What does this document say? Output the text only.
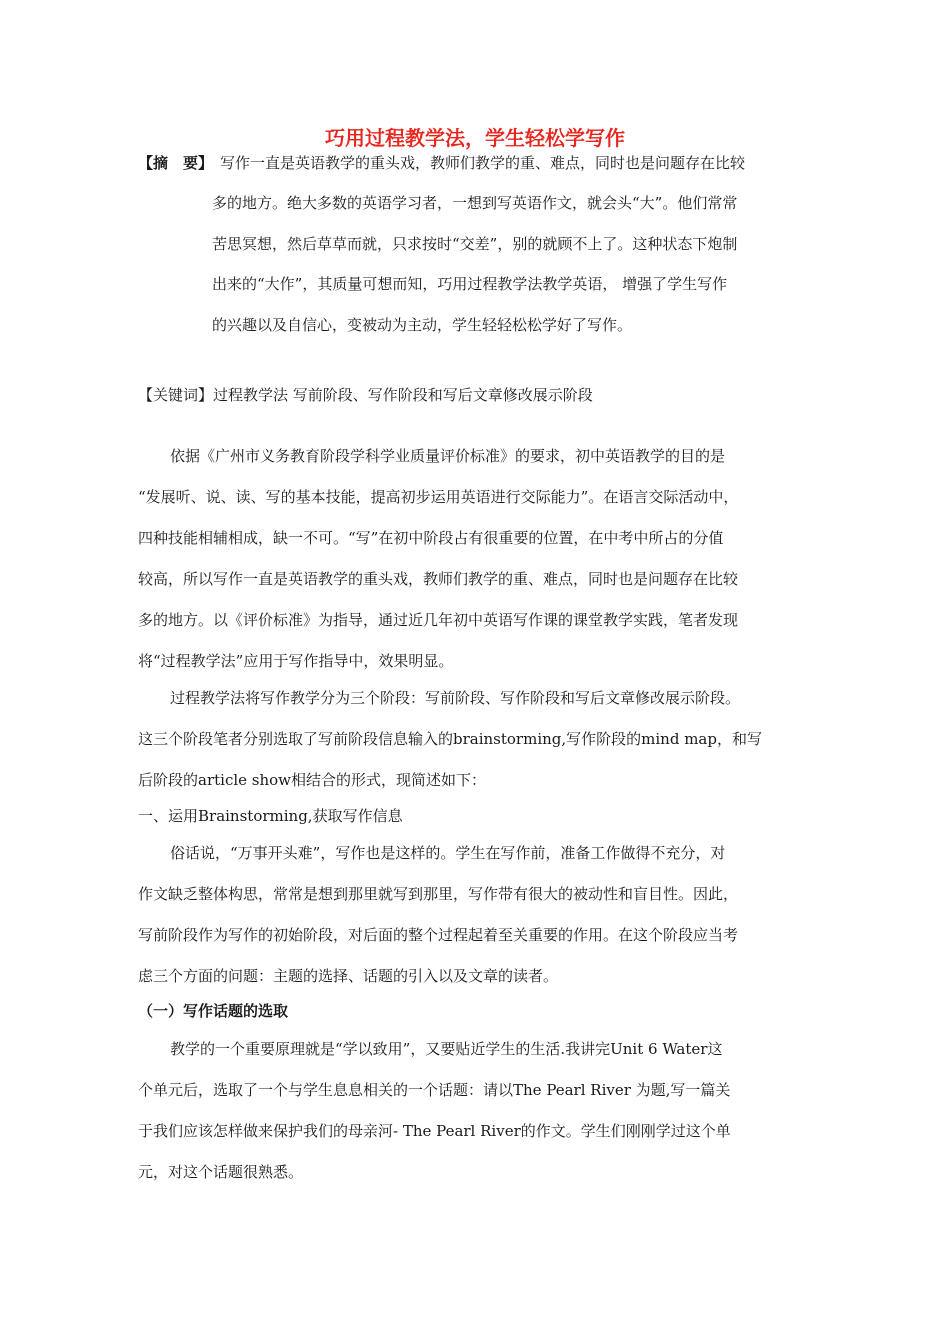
巧用过程教学法，学生轻松学写作
【摘　要】 写作一直是英语教学的重头戏，教师们教学的重、难点，同时也是问题存在比较
多的地方。绝大多数的英语学习者，一想到写英语作文，就会头“大”。他们常常
苦思冥想，然后草草而就，只求按时“交差”，别的就顾不上了。这种状态下炮制
出来的“大作”，其质量可想而知，巧用过程教学法教学英语， 增强了学生写作
的兴趣以及自信心，变被动为主动，学生轻轻松松学好了写作。
【关键词】过程教学法 写前阶段、写作阶段和写后文章修改展示阶段
依据《广州市义务教育阶段学科学业质量评价标准》的要求，初中英语教学的目的是
“发展听、说、读、写的基本技能，提高初步运用英语进行交际能力”。在语言交际活动中，
四种技能相辅相成，缺一不可。“写”在初中阶段占有很重要的位置，在中考中所占的分值
较高，所以写作一直是英语教学的重头戏，教师们教学的重、难点，同时也是问题存在比较
多的地方。以《评价标准》为指导，通过近几年初中英语写作课的课堂教学实践，笔者发现
将“过程教学法”应用于写作指导中，效果明显。
过程教学法将写作教学分为三个阶段：写前阶段、写作阶段和写后文章修改展示阶段。
这三个阶段笔者分别选取了写前阶段信息输入的brainstorming,写作阶段的mind map，和写
后阶段的article show相结合的形式，现简述如下：
一、运用Brainstorming,获取写作信息
俗话说，“万事开头难”，写作也是这样的。学生在写作前，准备工作做得不充分，对
作文缺乏整体构思，常常是想到那里就写到那里，写作带有很大的被动性和盲目性。因此，
写前阶段作为写作的初始阶段，对后面的整个过程起着至关重要的作用。在这个阶段应当考
虑三个方面的问题：主题的选择、话题的引入以及文章的读者。
（一）写作话题的选取
教学的一个重要原理就是“学以致用”，又要贴近学生的生活.我讲完Unit 6 Water这
个单元后，选取了一个与学生息息相关的一个话题：请以The Pearl River 为题,写一篇关
于我们应该怎样做来保护我们的母亲河- The Pearl River的作文。学生们刚刚学过这个单
元，对这个话题很熟悉。
